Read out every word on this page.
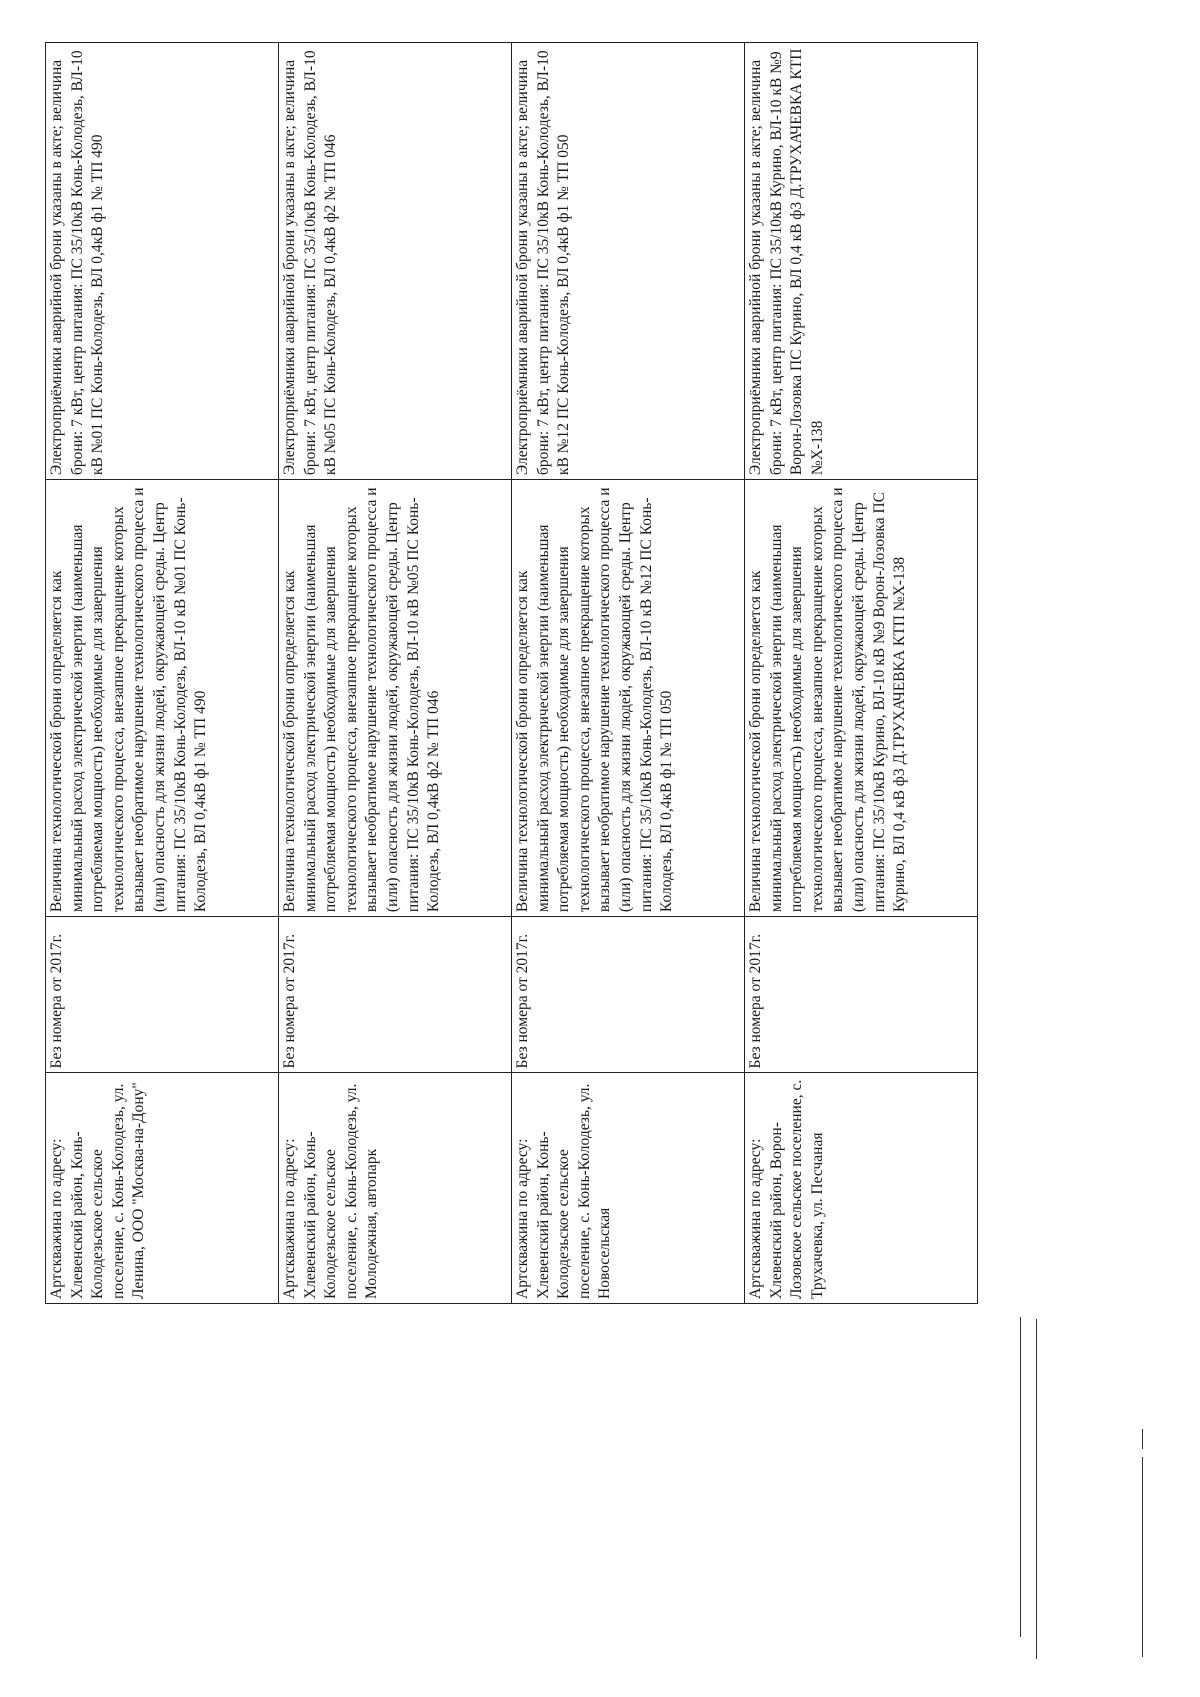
Артскважина по адресу: Хлевенский район, Конь-Колодезьское сельское поселение, с. Конь-Колодезь, ул. Ленина, ООО "Москва-на-Дону"	Без номера от 2017г.	Величина технологической брони определяется как минимальный расход электрической энергии (наименьшая потребляемая мощность) необходимые для завершения технологического процесса, внезапное прекращение которых вызывает необратимое нарушение технологического процесса и (или) опасность для жизни людей, окружающей среды. Центр питания: ПС 35/10кВ Конь-Колодезь, ВЛ-10 кВ №01 ПС Конь-Колодезь, ВЛ 0,4кВ ф1 № ТП 490	Электроприёмники аварийной брони указаны в акте; величина брони: 7 кВт, центр питания: ПС 35/10кВ Конь-Колодезь, ВЛ-10 кВ №01 ПС Конь-Колодезь, ВЛ 0,4кВ ф1 № ТП 490
Артскважина по адресу: Хлевенский район, Конь-Колодезьское сельское поселение, с. Конь-Колодезь, ул. Молодежная, автопарк	Без номера от 2017г.	Величина технологической брони определяется как минимальный расход электрической энергии (наименьшая потребляемая мощность) необходимые для завершения технологического процесса, внезапное прекращение которых вызывает необратимое нарушение технологического процесса и (или) опасность для жизни людей, окружающей среды. Центр питания: ПС 35/10кВ Конь-Колодезь, ВЛ-10 кВ №05 ПС Конь-Колодезь, ВЛ 0,4кВ ф2 № ТП 046	Электроприёмники аварийной брони указаны в акте; величина брони: 7 кВт, центр питания: ПС 35/10кВ Конь-Колодезь, ВЛ-10 кВ №05 ПС Конь-Колодезь, ВЛ 0,4кВ ф2 № ТП 046
Артскважина по адресу: Хлевенский район, Конь-Колодезьское сельское поселение, с. Конь-Колодезь, ул. Новосельская	Без номера от 2017г.	Величина технологической брони определяется как минимальный расход электрической энергии (наименьшая потребляемая мощность) необходимые для завершения технологического процесса, внезапное прекращение которых вызывает необратимое нарушение технологического процесса и (или) опасность для жизни людей, окружающей среды. Центр питания: ПС 35/10кВ Конь-Колодезь, ВЛ-10 кВ №12 ПС Конь-Колодезь, ВЛ 0,4кВ ф1 № ТП 050	Электроприёмники аварийной брони указаны в акте; величина брони: 7 кВт, центр питания: ПС 35/10кВ Конь-Колодезь, ВЛ-10 кВ №12 ПС Конь-Колодезь, ВЛ 0,4кВ ф1 № ТП 050
Артскважина по адресу: Хлевенский район, Ворон-Лозовское сельское поселение, с. Трухачевка, ул. Песчаная	Без номера от 2017г.	Величина технологической брони определяется как минимальный расход электрической энергии (наименьшая потребляемая мощность) необходимые для завершения технологического процесса, внезапное прекращение которых вызывает необратимое нарушение технологического процесса и (или) опасность для жизни людей, окружающей среды. Центр питания: ПС 35/10кВ Курино, ВЛ-10 кВ №9 Ворон-Лозовка ПС Курино, ВЛ 0,4 кВ ф3 Д.ТРУХАЧЕВКА КТП №Х-138	Электроприёмники аварийной брони указаны в акте; величина брони: 7 кВт, центр питания: ПС 35/10кВ Курино, ВЛ-10 кВ №9 Ворон-Лозовка ПС Курино, ВЛ 0,4 кВ ф3 Д.ТРУХАЧЕВКА КТП №Х-138
